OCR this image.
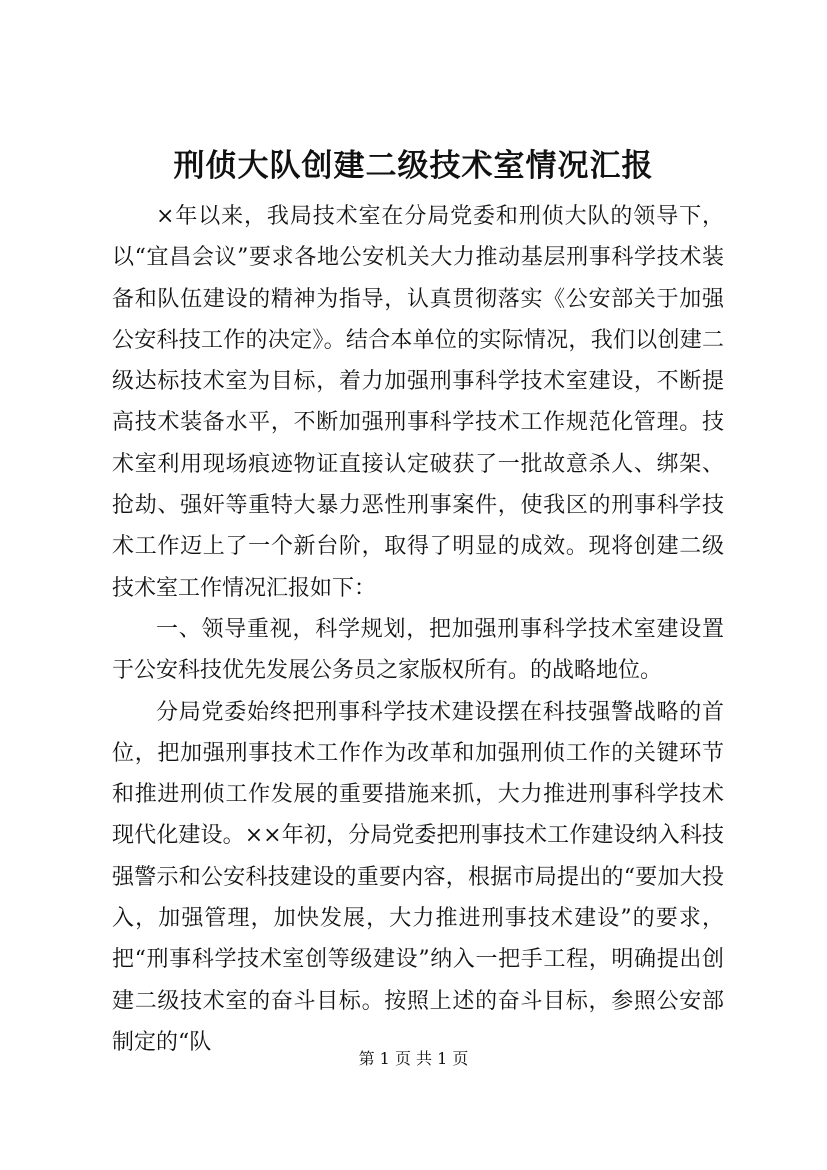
刑侦大队创建二级技术室情况汇报

×年以来，我局技术室在分局党委和刑侦大队的领导下，以“宜昌会议”要求各地公安机关大力推动基层刑事科学技术装备和队伍建设的精神为指导，认真贯彻落实《公安部关于加强公安科技工作的决定》。结合本单位的实际情况，我们以创建二级达标技术室为目标，着力加强刑事科学技术室建设，不断提高技术装备水平，不断加强刑事科学技术工作规范化管理。技术室利用现场痕迹物证直接认定破获了一批故意杀人、绑架、抢劫、强奸等重特大暴力恶性刑事案件，使我区的刑事科学技术工作迈上了一个新台阶，取得了明显的成效。现将创建二级技术室工作情况汇报如下：

一、领导重视，科学规划，把加强刑事科学技术室建设置于公安科技优先发展公务员之家版权所有。的战略地位。

分局党委始终把刑事科学技术建设摆在科技强警战略的首位，把加强刑事技术工作作为改革和加强刑侦工作的关键环节和推进刑侦工作发展的重要措施来抓，大力推进刑事科学技术现代化建设。××年初，分局党委把刑事技术工作建设纳入科技强警示和公安科技建设的重要内容，根据市局提出的“要加大投入，加强管理，加快发展，大力推进刑事技术建设”的要求，把“刑事科学技术室创等级建设”纳入一把手工程，明确提出创建二级技术室的奋斗目标。按照上述的奋斗目标，参照公安部制定的“队

第 1 页 共 1 页
